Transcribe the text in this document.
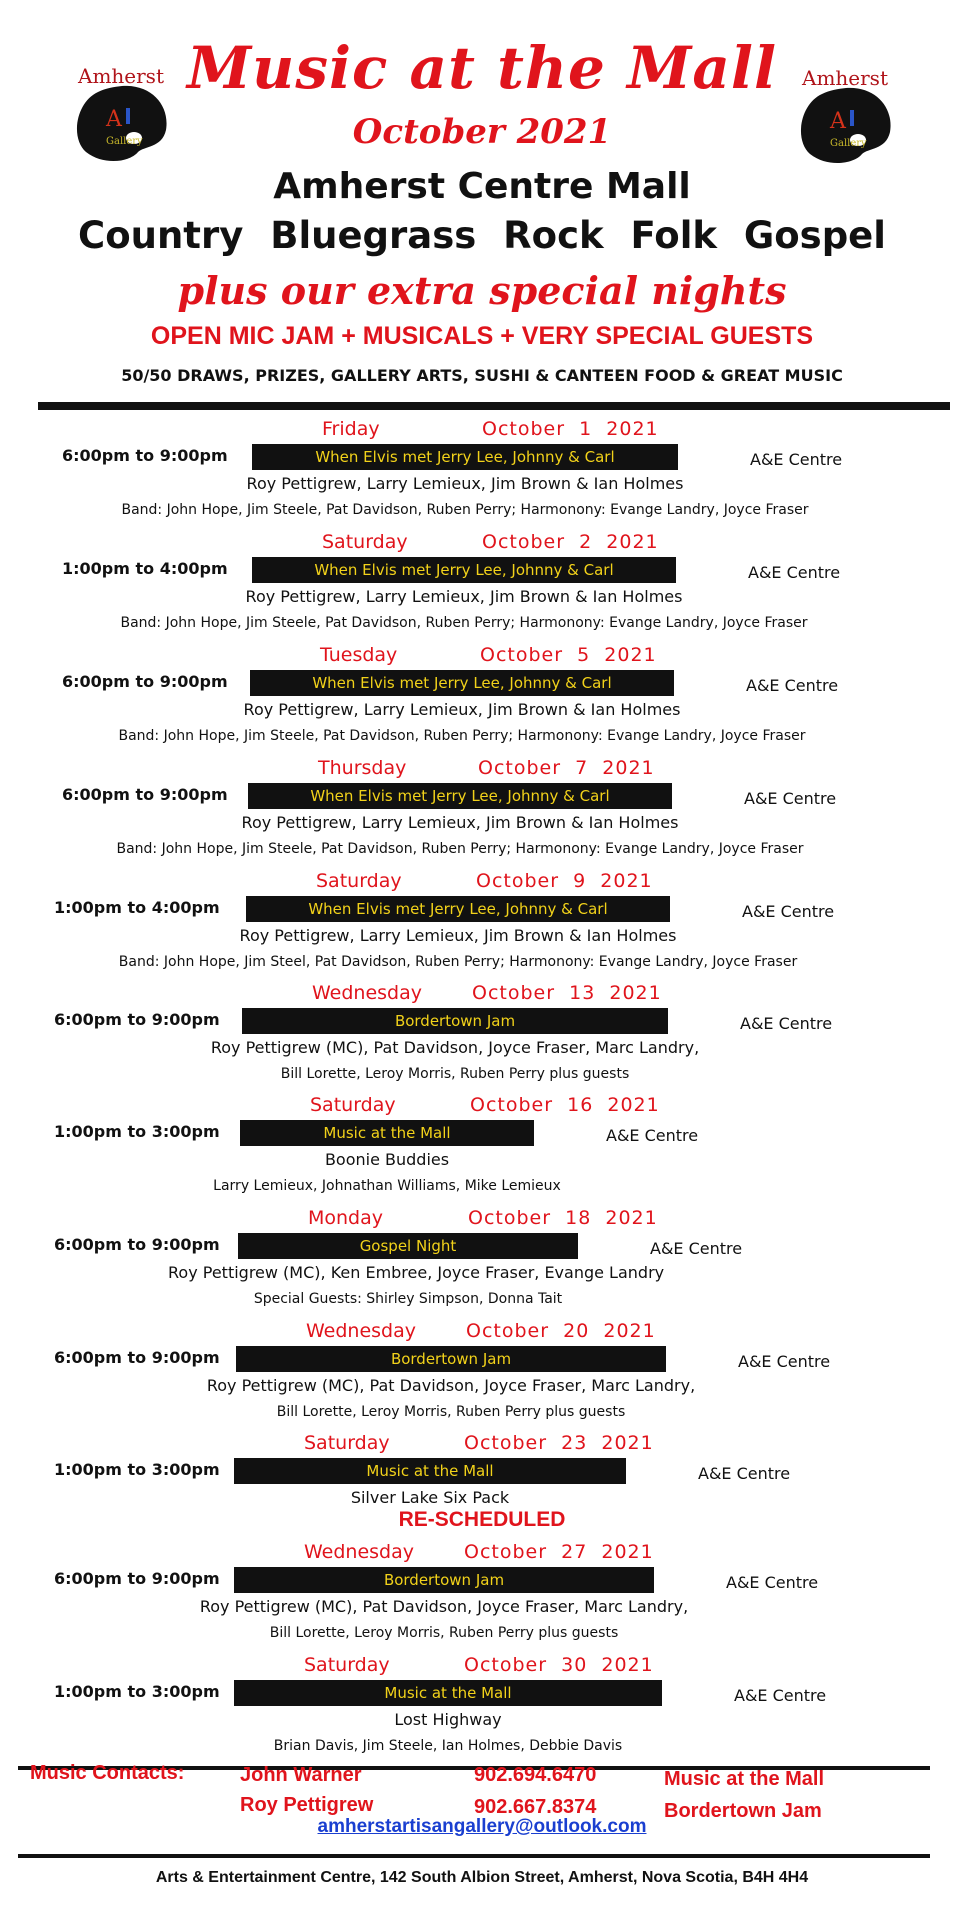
A
Gallery
Amherst
A
Gallery
Amherst
Music at the Mall
October 2021
Amherst Centre Mall
Country Bluegrass Rock Folk Gospel
plus our extra special nights
OPEN MIC JAM + MUSICALS + VERY SPECIAL GUESTS
50/50 DRAWS, PRIZES, GALLERY ARTS, SUSHI & CANTEEN FOOD & GREAT MUSIC
Friday	October  1  2021
6:00pm to 9:00pm	When Elvis met Jerry Lee, Johnny & Carl	A&E Centre
Roy Pettigrew, Larry Lemieux, Jim Brown & Ian Holmes
Band: John Hope, Jim Steele, Pat Davidson, Ruben Perry; Harmonony: Evange Landry, Joyce Fraser
Saturday	October  2  2021
1:00pm to 4:00pm	When Elvis met Jerry Lee, Johnny & Carl	A&E Centre
Roy Pettigrew, Larry Lemieux, Jim Brown & Ian Holmes
Band: John Hope, Jim Steele, Pat Davidson, Ruben Perry; Harmonony: Evange Landry, Joyce Fraser
Tuesday	October  5  2021
6:00pm to 9:00pm	When Elvis met Jerry Lee, Johnny & Carl	A&E Centre
Roy Pettigrew, Larry Lemieux, Jim Brown & Ian Holmes
Band: John Hope, Jim Steele, Pat Davidson, Ruben Perry; Harmonony: Evange Landry, Joyce Fraser
Thursday	October  7  2021
6:00pm to 9:00pm	When Elvis met Jerry Lee, Johnny & Carl	A&E Centre
Roy Pettigrew, Larry Lemieux, Jim Brown & Ian Holmes
Band: John Hope, Jim Steele, Pat Davidson, Ruben Perry; Harmonony: Evange Landry, Joyce Fraser
Saturday	October  9  2021
1:00pm to 4:00pm	When Elvis met Jerry Lee, Johnny & Carl	A&E Centre
Roy Pettigrew, Larry Lemieux, Jim Brown & Ian Holmes
Band: John Hope, Jim Steel, Pat Davidson, Ruben Perry; Harmonony: Evange Landry, Joyce Fraser
Wednesday	October  13  2021
6:00pm to 9:00pm	Bordertown Jam	A&E Centre
Roy Pettigrew (MC), Pat Davidson, Joyce Fraser, Marc Landry,
Bill Lorette, Leroy Morris, Ruben Perry plus guests
Saturday	October  16  2021
1:00pm to 3:00pm	Music at the Mall	A&E Centre
Boonie Buddies
Larry Lemieux, Johnathan Williams, Mike Lemieux
Monday	October  18  2021
6:00pm to 9:00pm	Gospel Night	A&E Centre
Roy Pettigrew (MC), Ken Embree, Joyce Fraser, Evange Landry
Special Guests: Shirley Simpson, Donna Tait
Wednesday	October  20  2021
6:00pm to 9:00pm	Bordertown Jam	A&E Centre
Roy Pettigrew (MC), Pat Davidson, Joyce Fraser, Marc Landry,
Bill Lorette, Leroy Morris, Ruben Perry plus guests
Saturday	October  23  2021
1:00pm to 3:00pm	Music at the Mall	A&E Centre
Silver Lake Six Pack
Wednesday	October  27  2021
6:00pm to 9:00pm	Bordertown Jam	A&E Centre
Roy Pettigrew (MC), Pat Davidson, Joyce Fraser, Marc Landry,
Bill Lorette, Leroy Morris, Ruben Perry plus guests
Saturday	October  30  2021
1:00pm to 3:00pm	Music at the Mall	A&E Centre
Lost Highway
Brian Davis, Jim Steele, Ian Holmes, Debbie Davis
RE-SCHEDULED
Music Contacts:	John Warner	902.694.6470	Music at the Mall
Roy Pettigrew	902.667.8374	Bordertown Jam
amherstartisangallery@outlook.com
Arts & Entertainment Centre, 142 South Albion Street, Amherst, Nova Scotia, B4H 4H4
